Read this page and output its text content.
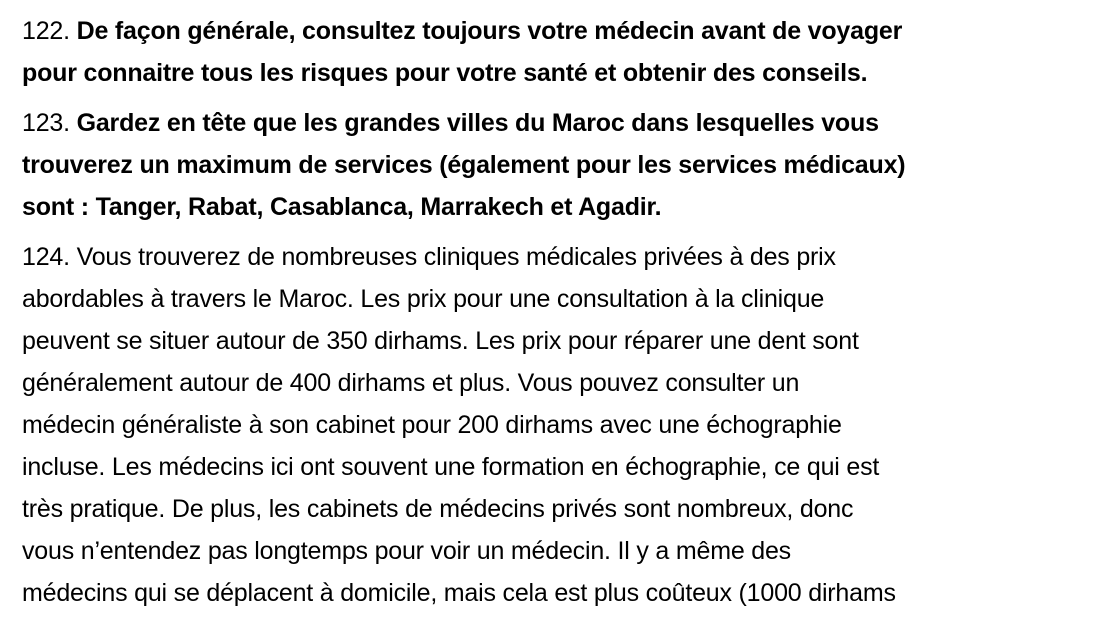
122. De façon générale, consultez toujours votre médecin avant de voyager
pour connaitre tous les risques pour votre santé et obtenir des conseils.

123. Gardez en tête que les grandes villes du Maroc dans lesquelles vous
trouverez un maximum de services (également pour les services médicaux)
sont : Tanger, Rabat, Casablanca, Marrakech et Agadir.

124. Vous trouverez de nombreuses cliniques médicales privées à des prix
abordables à travers le Maroc. Les prix pour une consultation à la clinique
peuvent se situer autour de 350 dirhams. Les prix pour réparer une dent sont
généralement autour de 400 dirhams et plus. Vous pouvez consulter un
médecin généraliste à son cabinet pour 200 dirhams avec une échographie
incluse. Les médecins ici ont souvent une formation en échographie, ce qui est
très pratique. De plus, les cabinets de médecins privés sont nombreux, donc
vous n’entendez pas longtemps pour voir un médecin. Il y a même des
médecins qui se déplacent à domicile, mais cela est plus coûteux (1000 dirhams
